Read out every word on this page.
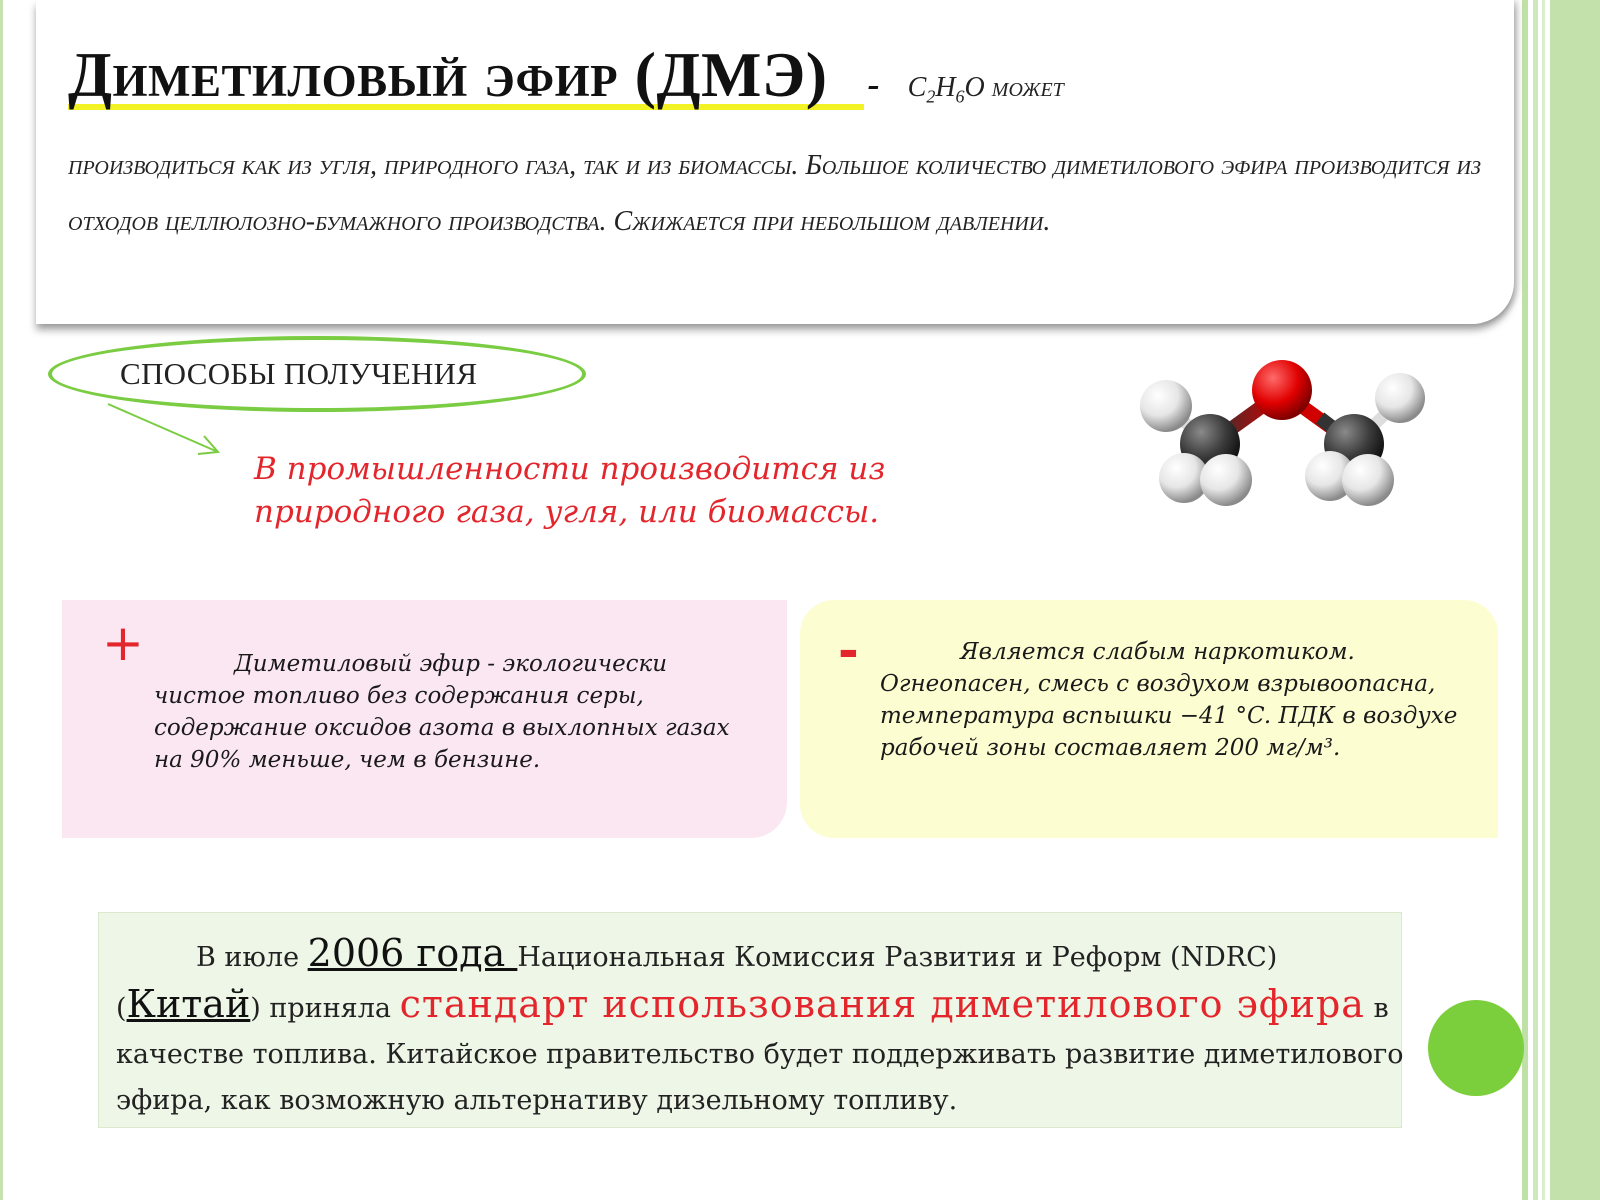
Диметиловый эфир $(ДМЭ) - C_2H_6O$ может
производиться как из угля, природного газа, так и из биомассы. Большое количество диметилового эфира производится из отходов целлюлозно-бумажного производства. Сжижается при небольшом давлении.
СПОСОБЫ ПОЛУЧЕНИЯ
В промышленности производится из природного газа, угля, или биомассы.
+	Диметиловый эфир - экологически чистое топливо без содержания серы, содержание оксидов азота в выхлопных газах на 90% меньше, чем в бензине.
-	Является слабым наркотиком. Огнеопасен, смесь с воздухом взрывоопасна, температура вспышки −41 °C. ПДК в воздухе рабочей зоны составляет 200 мг/м³.
В июле 2006 года Национальная Комиссия Развития и Реформ (NDRC) (Китай) приняла стандарт использования диметилового эфира в качестве топлива. Китайское правительство будет поддерживать развитие диметилового эфира, как возможную альтернативу дизельному топливу.
